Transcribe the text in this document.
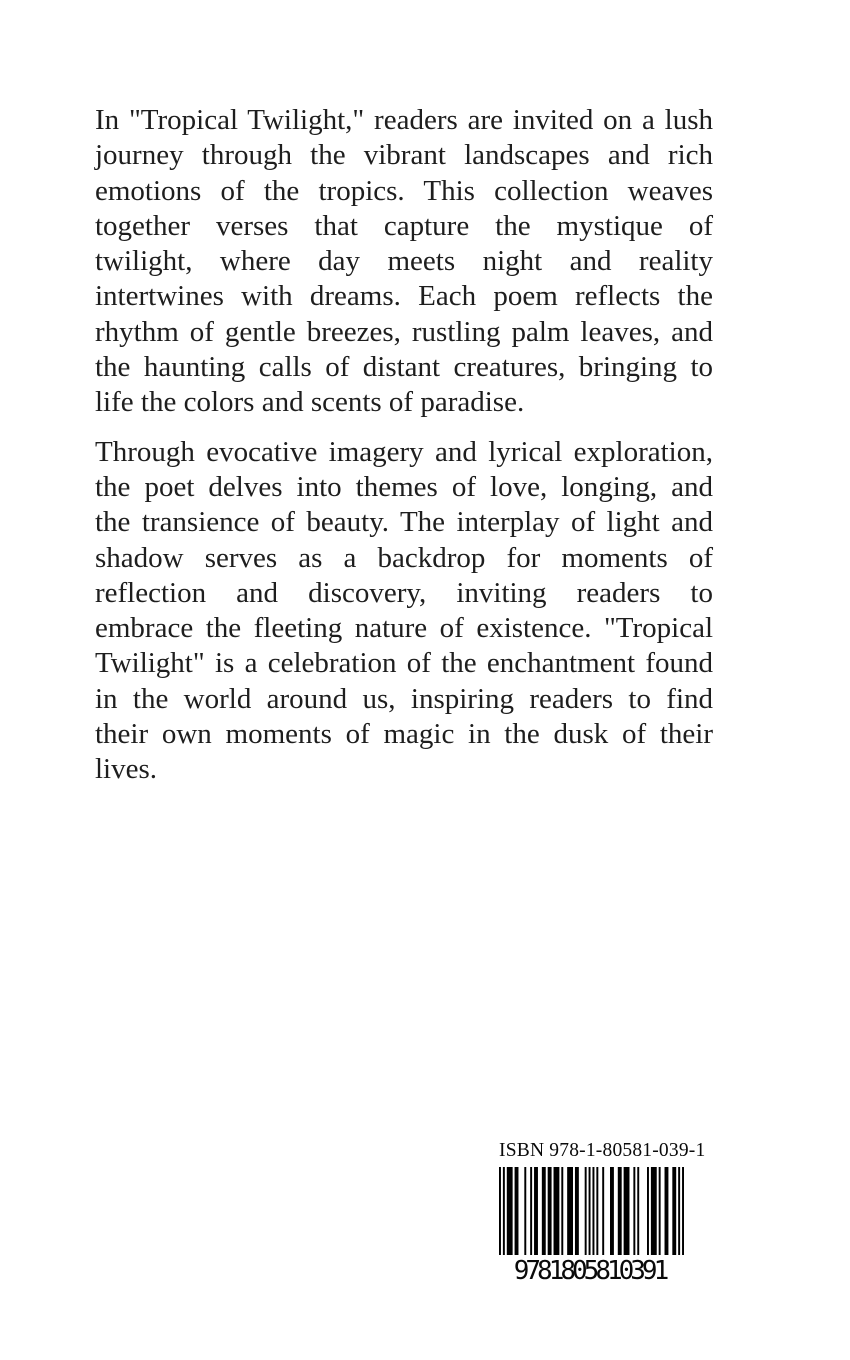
In "Tropical Twilight," readers are invited on a lush
journey through the vibrant landscapes and rich
emotions of the tropics. This collection weaves
together verses that capture the mystique of
twilight, where day meets night and reality
intertwines with dreams. Each poem reflects the
rhythm of gentle breezes, rustling palm leaves, and
the haunting calls of distant creatures, bringing to
life the colors and scents of paradise.
Through evocative imagery and lyrical exploration,
the poet delves into themes of love, longing, and
the transience of beauty. The interplay of light and
shadow serves as a backdrop for moments of
reflection and discovery, inviting readers to
embrace the fleeting nature of existence. "Tropical
Twilight" is a celebration of the enchantment found
in the world around us, inspiring readers to find
their own moments of magic in the dusk of their
lives.
ISBN 978-1-80581-039-1
9781805810391
